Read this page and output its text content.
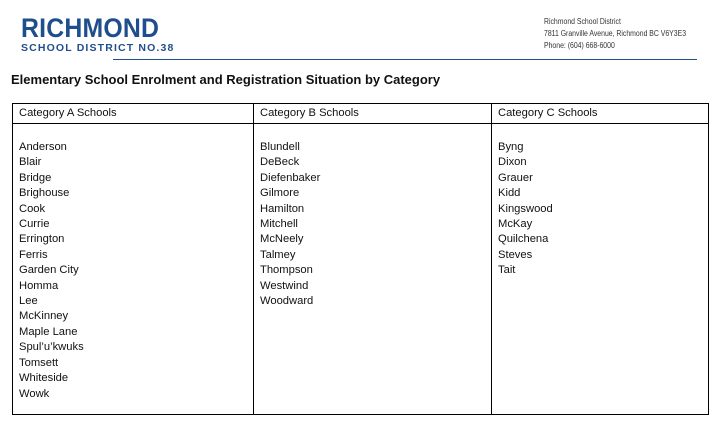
RICHMOND
SCHOOL DISTRICT NO.38
Richmond School District
7811 Granville Avenue, Richmond BC V6Y3E3
Phone: (604) 668-6000
Elementary School Enrolment and Registration Situation by Category
Category A Schools	Category B Schools	Category C Schools
Anderson
Blair
Bridge
Brighouse
Cook
Currie
Errington
Ferris
Garden City
Homma
Lee
McKinney
Maple Lane
Spul’u’kwuks
Tomsett
Whiteside
Wowk
Blundell
DeBeck
Diefenbaker
Gilmore
Hamilton
Mitchell
McNeely
Talmey
Thompson
Westwind
Woodward
Byng
Dixon
Grauer
Kidd
Kingswood
McKay
Quilchena
Steves
Tait
